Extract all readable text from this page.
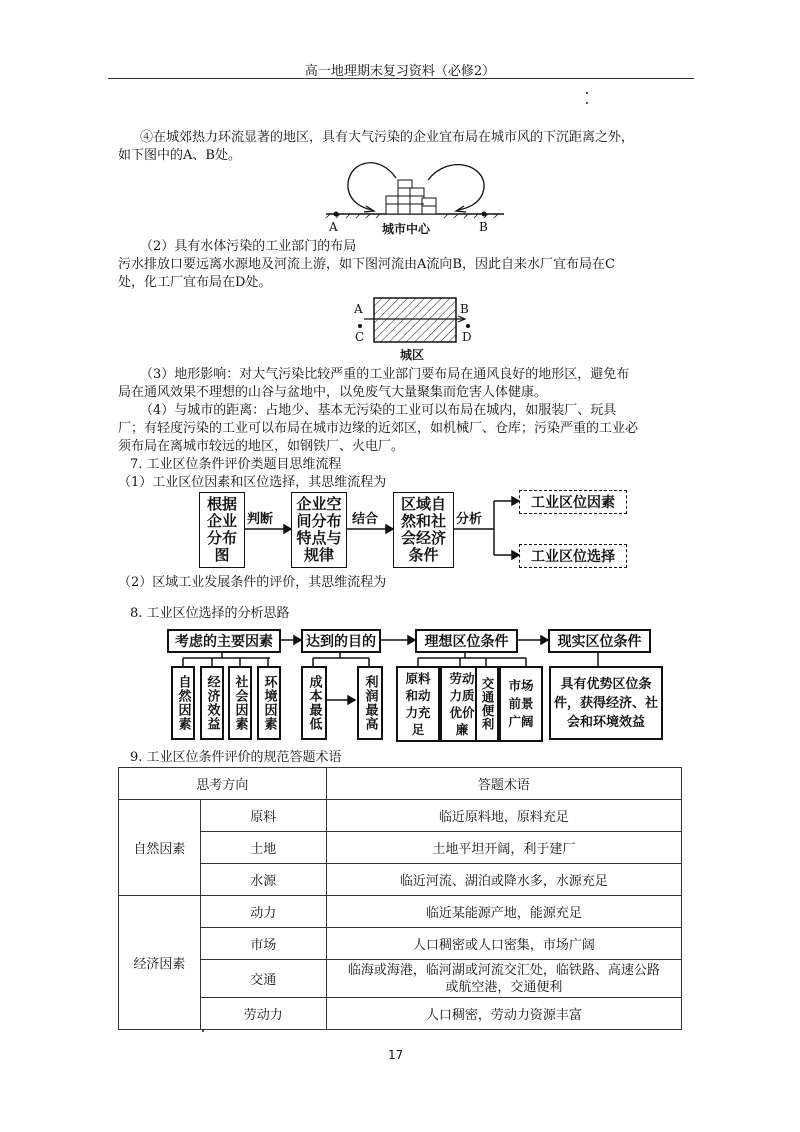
高一地理期末复习资料（必修2）
④在城郊热力环流显著的地区，具有大气污染的企业宜布局在城市风的下沉距离之外，
如下图中的A、B处。
A	B
城市中心
（2）具有水体污染的工业部门的布局
污水排放口要远离水源地及河流上游，如下图河流由A流向B，因此自来水厂宜布局在C
处，化工厂宜布局在D处。
A	B
C	D
城区
（3）地形影响：对大气污染比较严重的工业部门要布局在通风良好的地形区，避免布
局在通风效果不理想的山谷与盆地中，以免废气大量聚集而危害人体健康。
（4）与城市的距离：占地少、基本无污染的工业可以布局在城内，如服装厂、玩具
厂；有轻度污染的工业可以布局在城市边缘的近郊区，如机械厂、仓库；污染严重的工业必
须布局在离城市较远的地区，如钢铁厂、火电厂。
7. 工业区位条件评价类题目思维流程
（1）工业区位因素和区位选择，其思维流程为
根据
企业
分布
图
判断
企业空
间分布
特点与
规律
结合
区域自
然和社
会经济
条件
分析
工业区位因素
工业区位选择
（2）区域工业发展条件的评价，其思维流程为
8. 工业区位选择的分析思路
考虑的主要因素	达到的目的	理想区位条件	现实区位条件
自然因素	经济效益	社会因素	环境因素	成本最低	利润最高	原料
和动
力充
足
劳动
力质
优价
廉 交通便利	市场
前景
广阔
具有优势区位条
件，获得经济、社
会和环境效益
9. 工业区位条件评价的规范答题术语
思考方向		答题术语
自然因素	原料	临近原料地，原料充足
	土地	土地平坦开阔，利于建厂
	水源	临近河流、湖泊或降水多，水源充足
经济因素	动力	临近某能源产地，能源充足
	市场	人口稠密或人口密集，市场广阔
	交通	临海或海港，临河湖或河流交汇处，临铁路、高速公路
或航空港，交通便利

	劳动力	人口稠密，劳动力资源丰富
17
